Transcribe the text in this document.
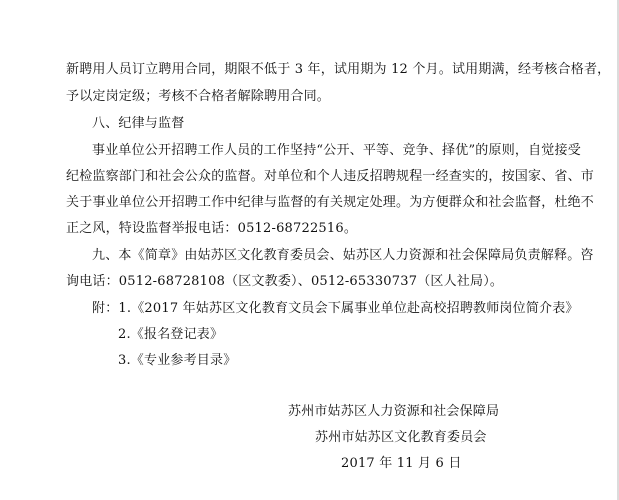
新聘用人员订立聘用合同，期限不低于 3 年，试用期为 12 个月。试用期满，经考核合格者，
予以定岗定级；考核不合格者解除聘用合同。
八、纪律与监督
事业单位公开招聘工作人员的工作坚持“公开、平等、竞争、择优”的原则，自觉接受
纪检监察部门和社会公众的监督。对单位和个人违反招聘规程一经查实的，按国家、省、市
关于事业单位公开招聘工作中纪律与监督的有关规定处理。为方便群众和社会监督，杜绝不
正之风，特设监督举报电话：0512-68722516。
九、本《简章》由姑苏区文化教育委员会、姑苏区人力资源和社会保障局负责解释。咨
询电话：0512-68728108（区文教委）、0512-65330737（区人社局）。
附：1.《2017 年姑苏区文化教育文员会下属事业单位赴高校招聘教师岗位简介表》
2.《报名登记表》
3.《专业参考目录》
苏州市姑苏区人力资源和社会保障局
苏州市姑苏区文化教育委员会
2017 年 11 月 6 日
